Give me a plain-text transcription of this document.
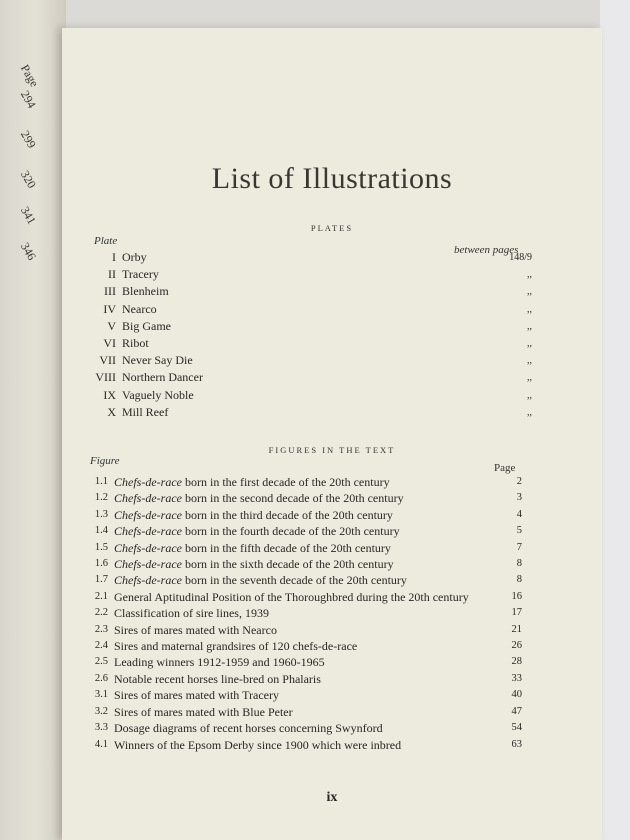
Page
294
299
320
341
346
List of Illustrations
PLATES
Plate
between pages
I Orby	148/9
II Tracery	,,
III Blenheim	,,
IV Nearco	,,
V Big Game	,,
VI Ribot	,,
VII Never Say Die	,,
VIII Northern Dancer	,,
IX Vaguely Noble	,,
X Mill Reef	,,
FIGURES IN THE TEXT
Figure
Page
1.1 Chefs-de-race born in the first decade of the 20th century	2
1.2 Chefs-de-race born in the second decade of the 20th century	3
1.3 Chefs-de-race born in the third decade of the 20th century	4
1.4 Chefs-de-race born in the fourth decade of the 20th century	5
1.5 Chefs-de-race born in the fifth decade of the 20th century	7
1.6 Chefs-de-race born in the sixth decade of the 20th century	8
1.7 Chefs-de-race born in the seventh decade of the 20th century	8
2.1 General Aptitudinal Position of the Thoroughbred during the 20th century	16
2.2 Classification of sire lines, 1939	17
2.3 Sires of mares mated with Nearco	21
2.4 Sires and maternal grandsires of 120 chefs-de-race	26
2.5 Leading winners 1912-1959 and 1960-1965	28
2.6 Notable recent horses line-bred on Phalaris	33
3.1 Sires of mares mated with Tracery	40
3.2 Sires of mares mated with Blue Peter	47
3.3 Dosage diagrams of recent horses concerning Swynford	54
4.1 Winners of the Epsom Derby since 1900 which were inbred	63
ix
